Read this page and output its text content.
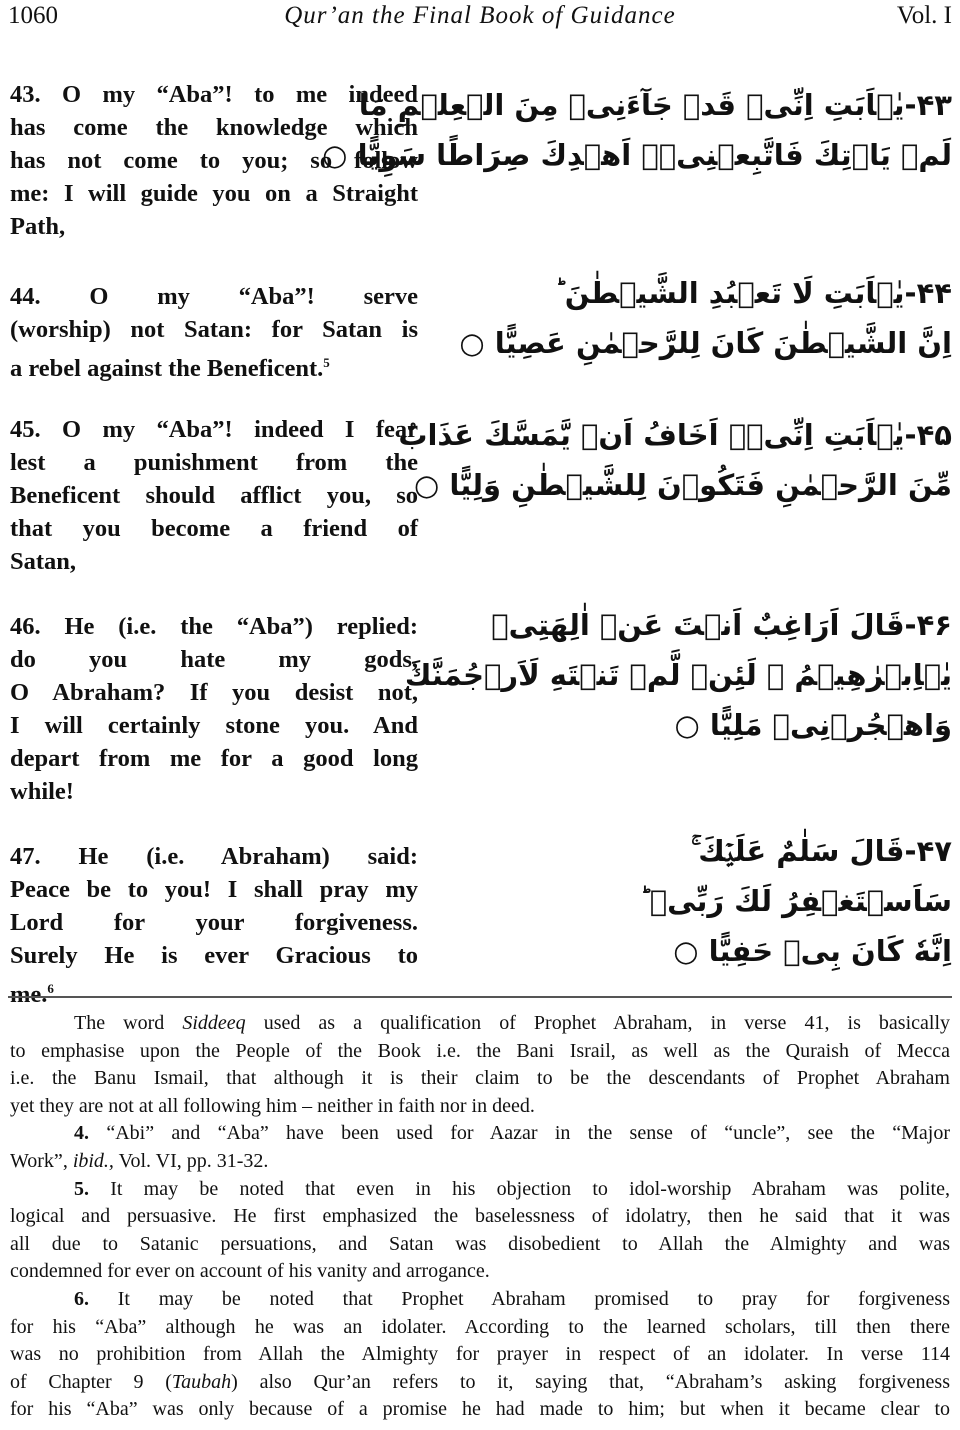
1060	Qur’an the Final Book of Guidance	Vol. I
43. O my “Aba”! to me indeed
has come the knowledge which
has not come to you; so follow
me: I will guide you on a Straight
Path,
۴۳-يٰۤاَبَتِ اِنِّىۡ قَدۡ جَآءَنِىۡ مِنَ الۡعِلۡمِ مَا
لَمۡ يَاۡتِكَ فَاتَّبِعۡنِىۡۤ اَهۡدِكَ صِرَاطًا سَوِيًّا ○
44. O my “Aba”! serve
(worship) not Satan: for Satan is
a rebel against the Beneficent.$^5$
۴۴-يٰۤاَبَتِ لَا تَعۡبُدِ الشَّيۡطٰنَ ؕ
اِنَّ الشَّيۡطٰنَ كَانَ لِلرَّحۡمٰنِ عَصِيًّا ○
45. O my “Aba”! indeed I fear
lest a punishment from the
Beneficent should afflict you, so
that you become a friend of
Satan,
۴۵-يٰۤاَبَتِ اِنِّىۡۤ اَخَافُ اَنۡ يَّمَسَّكَ عَذَابٌ
مِّنَ الرَّحۡمٰنِ فَتَكُوۡنَ لِلشَّيۡطٰنِ وَلِيًّا ○
46. He (i.e. the “Aba”) replied:
do you hate my gods,
O Abraham? If you desist not,
I will certainly stone you. And
depart from me for a good long
while!
۴۶-قَالَ اَرَاغِبٌ اَنۡتَ عَنۡ اٰلِهَتِىۡ
يٰۤاِبۡرٰهِيۡمُ ۚ لَئِنۡ لَّمۡ تَنۡتَهِ لَاَرۡجُمَنَّكَ
وَاهۡجُرۡنِىۡ مَلِيًّا ○
47. He (i.e. Abraham) said:
Peace be to you! I shall pray my
Lord for your forgiveness.
Surely He is ever Gracious to
me.$^6$
۴۷-قَالَ سَلٰمٌ عَلَيۡكَ ۚ
سَاَسۡتَغۡفِرُ لَكَ رَبِّىۡ ؕ
اِنَّهٗ كَانَ بِىۡ حَفِيًّا ○
The word Siddeeq used as a qualification of Prophet Abraham, in verse 41, is basically
to emphasise upon the People of the Book i.e. the Bani Israil, as well as the Quraish of Mecca
i.e. the Banu Ismail, that although it is their claim to be the descendants of Prophet Abraham
yet they are not at all following him – neither in faith nor in deed.
4. “Abi” and “Aba” have been used for Aazar in the sense of “uncle”, see the “Major
Work”, ibid., Vol. VI, pp. 31-32.
5. It may be noted that even in his objection to idol-worship Abraham was polite,
logical and persuasive. He first emphasized the baselessness of idolatry, then he said that it was
all due to Satanic persuations, and Satan was disobedient to Allah the Almighty and was
condemned for ever on account of his vanity and arrogance.
6. It may be noted that Prophet Abraham promised to pray for forgiveness
for his “Aba” although he was an idolater. According to the learned scholars, till then there
was no prohibition from Allah the Almighty for prayer in respect of an idolater. In verse 114
of Chapter 9 (Taubah) also Qur’an refers to it, saying that, “Abraham’s asking forgiveness
for his “Aba” was only because of a promise he had made to him; but when it became clear to
